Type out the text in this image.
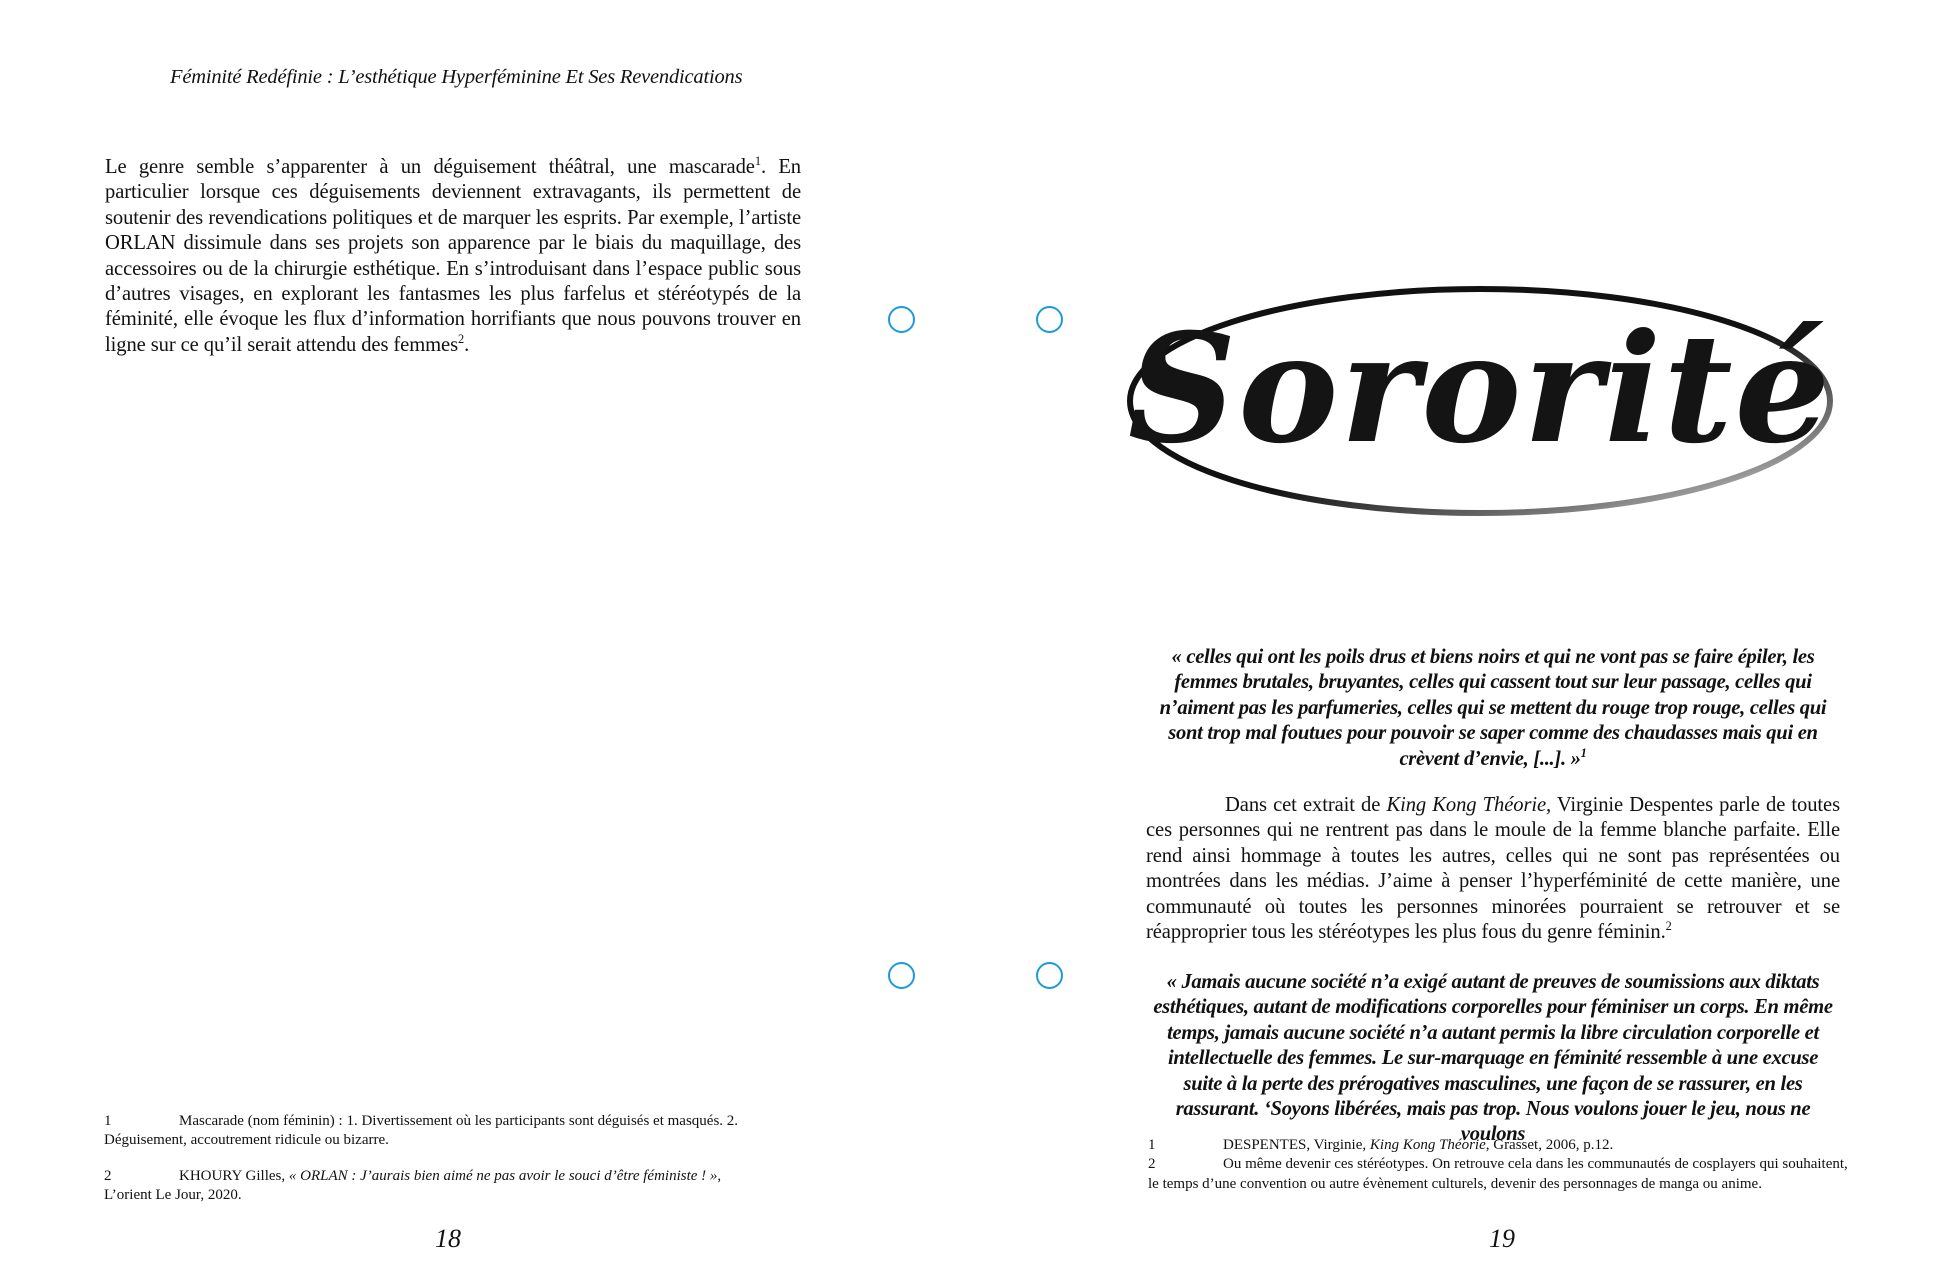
Féminité Redéfinie : L’esthétique Hyperféminine Et Ses Revendications
Le genre semble s’apparenter à un déguisement théâtral, une mascarade$^1$. En particulier lorsque ces déguisements deviennent extravagants, ils permettent de soutenir des revendications politiques et de marquer les esprits. Par exemple, l’artiste ORLAN dissimule dans ses projets son apparence par le biais du maquillage, des accessoires ou de la chirurgie esthétique. En s’introduisant dans l’espace public sous d’autres visages, en explorant les fantasmes les plus farfelus et stéréotypés de la féminité, elle évoque les flux d’information horrifiants que nous pouvons trouver en ligne sur ce qu’il serait attendu des femmes$^2$.

1	Mascarade (nom féminin) : 1. Divertissement où les participants sont déguisés et masqués. 2. Déguisement, accoutrement ridicule ou bizarre.

2	KHOURY Gilles, « ORLAN : J’aurais bien aimé ne pas avoir le souci d’être féministe ! », L’orient Le Jour, 2020.

18
Sororité
« celles qui ont les poils drus et biens noirs et qui ne vont pas se faire épiler, les femmes brutales, bruyantes, celles qui cassent tout sur leur passage, celles qui n’aiment pas les parfumeries, celles qui se mettent du rouge trop rouge, celles qui sont trop mal foutues pour pouvoir se saper comme des chaudasses mais qui en crèvent d’envie, [...]. »$^1$
Dans cet extrait de King Kong Théorie, Virginie Despentes parle de toutes ces personnes qui ne rentrent pas dans le moule de la femme blanche parfaite. Elle rend ainsi hommage à toutes les autres, celles qui ne sont pas représentées ou montrées dans les médias. J’aime à penser l’hyperféminité de cette manière, une communauté où toutes les personnes minorées pourraient se retrouver et se réapproprier tous les stéréotypes les plus fous du genre féminin.$^2$
« Jamais aucune société n’a exigé autant de preuves de soumissions aux diktats esthétiques, autant de modifications corporelles pour féminiser un corps. En même temps, jamais aucune société n’a autant permis la libre circulation corporelle et intellectuelle des femmes. Le sur-marquage en féminité ressemble à une excuse suite à la perte des prérogatives masculines, une façon de se rassurer, en les rassurant. ‘Soyons libérées, mais pas trop. Nous voulons jouer le jeu, nous ne voulons

1	DESPENTES, Virginie, King Kong Théorie, Grasset, 2006, p.12.

2	Ou même devenir ces stéréotypes. On retrouve cela dans les communautés de cosplayers qui souhaitent, le temps d’une convention ou autre évènement culturels, devenir des personnages de manga ou anime.

19
